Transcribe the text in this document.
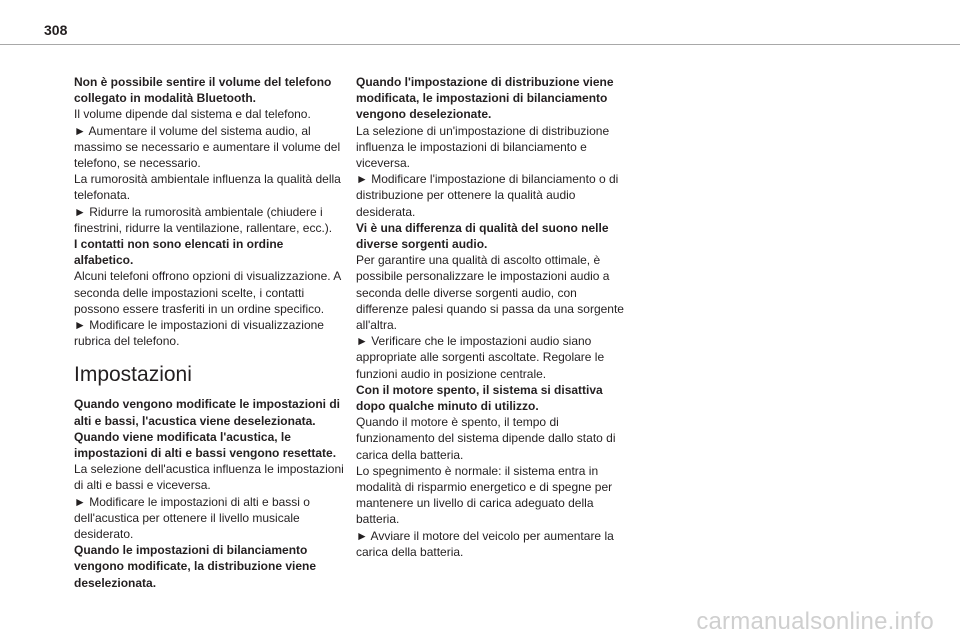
308

Non è possibile sentire il volume del telefono collegato in modalità Bluetooth.

Il volume dipende dal sistema e dal telefono.

► Aumentare il volume del sistema audio, al massimo se necessario e aumentare il volume del telefono, se necessario.

La rumorosità ambientale influenza la qualità della telefonata.

► Ridurre la rumorosità ambientale (chiudere i finestrini, ridurre la ventilazione, rallentare, ecc.).

I contatti non sono elencati in ordine alfabetico.

Alcuni telefoni offrono opzioni di visualizzazione. A seconda delle impostazioni scelte, i contatti possono essere trasferiti in un ordine specifico.

► Modificare le impostazioni di visualizzazione rubrica del telefono.

Impostazioni

Quando vengono modificate le impostazioni di alti e bassi, l'acustica viene deselezionata.

Quando viene modificata l'acustica, le impostazioni di alti e bassi vengono resettate.

La selezione dell'acustica influenza le impostazioni di alti e bassi e viceversa.

► Modificare le impostazioni di alti e bassi o dell'acustica per ottenere il livello musicale desiderato.

Quando le impostazioni di bilanciamento vengono modificate, la distribuzione viene deselezionata.

Quando l'impostazione di distribuzione viene modificata, le impostazioni di bilanciamento vengono deselezionate.

La selezione di un'impostazione di distribuzione influenza le impostazioni di bilanciamento e viceversa.

► Modificare l'impostazione di bilanciamento o di distribuzione per ottenere la qualità audio desiderata.

Vi è una differenza di qualità del suono nelle diverse sorgenti audio.

Per garantire una qualità di ascolto ottimale, è possibile personalizzare le impostazioni audio a seconda delle diverse sorgenti audio, con differenze palesi quando si passa da una sorgente all'altra.

► Verificare che le impostazioni audio siano appropriate alle sorgenti ascoltate. Regolare le funzioni audio in posizione centrale.

Con il motore spento, il sistema si disattiva dopo qualche minuto di utilizzo.

Quando il motore è spento, il tempo di funzionamento del sistema dipende dallo stato di carica della batteria.

Lo spegnimento è normale: il sistema entra in modalità di risparmio energetico e di spegne per mantenere un livello di carica adeguato della batteria.

► Avviare il motore del veicolo per aumentare la carica della batteria.

carmanualsonline.info
